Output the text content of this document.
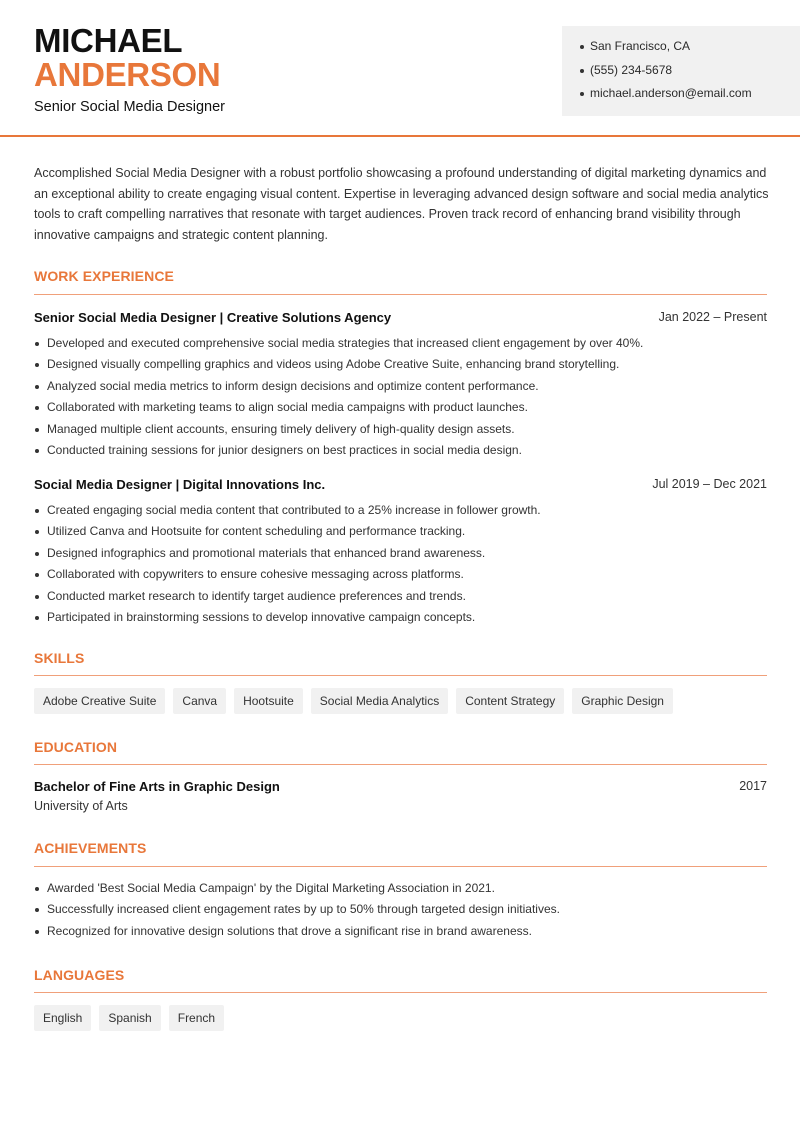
MICHAEL
ANDERSON
Senior Social Media Designer
San Francisco, CA
(555) 234-5678
michael.anderson@email.com
Accomplished Social Media Designer with a robust portfolio showcasing a profound understanding of digital marketing dynamics and an exceptional ability to create engaging visual content. Expertise in leveraging advanced design software and social media analytics tools to craft compelling narratives that resonate with target audiences. Proven track record of enhancing brand visibility through innovative campaigns and strategic content planning.
WORK EXPERIENCE
Senior Social Media Designer | Creative Solutions Agency	Jan 2022 – Present
Developed and executed comprehensive social media strategies that increased client engagement by over 40%.
Designed visually compelling graphics and videos using Adobe Creative Suite, enhancing brand storytelling.
Analyzed social media metrics to inform design decisions and optimize content performance.
Collaborated with marketing teams to align social media campaigns with product launches.
Managed multiple client accounts, ensuring timely delivery of high-quality design assets.
Conducted training sessions for junior designers on best practices in social media design.
Social Media Designer | Digital Innovations Inc.	Jul 2019 – Dec 2021
Created engaging social media content that contributed to a 25% increase in follower growth.
Utilized Canva and Hootsuite for content scheduling and performance tracking.
Designed infographics and promotional materials that enhanced brand awareness.
Collaborated with copywriters to ensure cohesive messaging across platforms.
Conducted market research to identify target audience preferences and trends.
Participated in brainstorming sessions to develop innovative campaign concepts.
SKILLS
Adobe Creative Suite	Canva	Hootsuite	Social Media Analytics	Content Strategy	Graphic Design
EDUCATION
Bachelor of Fine Arts in Graphic Design	2017
University of Arts
ACHIEVEMENTS
Awarded 'Best Social Media Campaign' by the Digital Marketing Association in 2021.
Successfully increased client engagement rates by up to 50% through targeted design initiatives.
Recognized for innovative design solutions that drove a significant rise in brand awareness.
LANGUAGES
English	Spanish	French
